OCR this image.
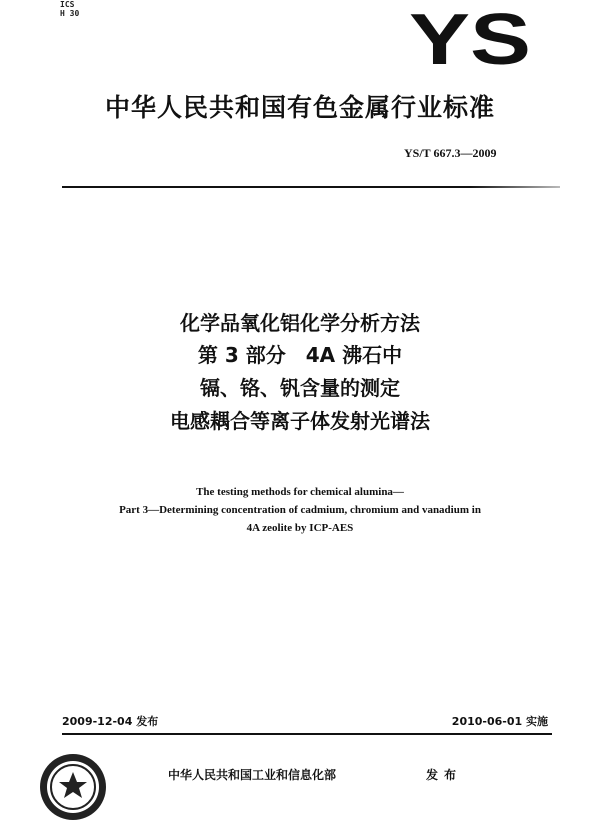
ICS
H 30	YS
中华人民共和国有色金属行业标准
YS/T 667.3—2009
化学品氧化铝化学分析方法
第 3 部分　4A 沸石中
镉、铬、钒含量的测定
电感耦合等离子体发射光谱法
The testing methods for chemical alumina—
Part 3—Determining concentration of cadmium, chromium and vanadium in
4A zeolite by ICP-AES
2009-12-04 发布	2010-06-01 实施
中华人民共和国工业和信息化部	发布
